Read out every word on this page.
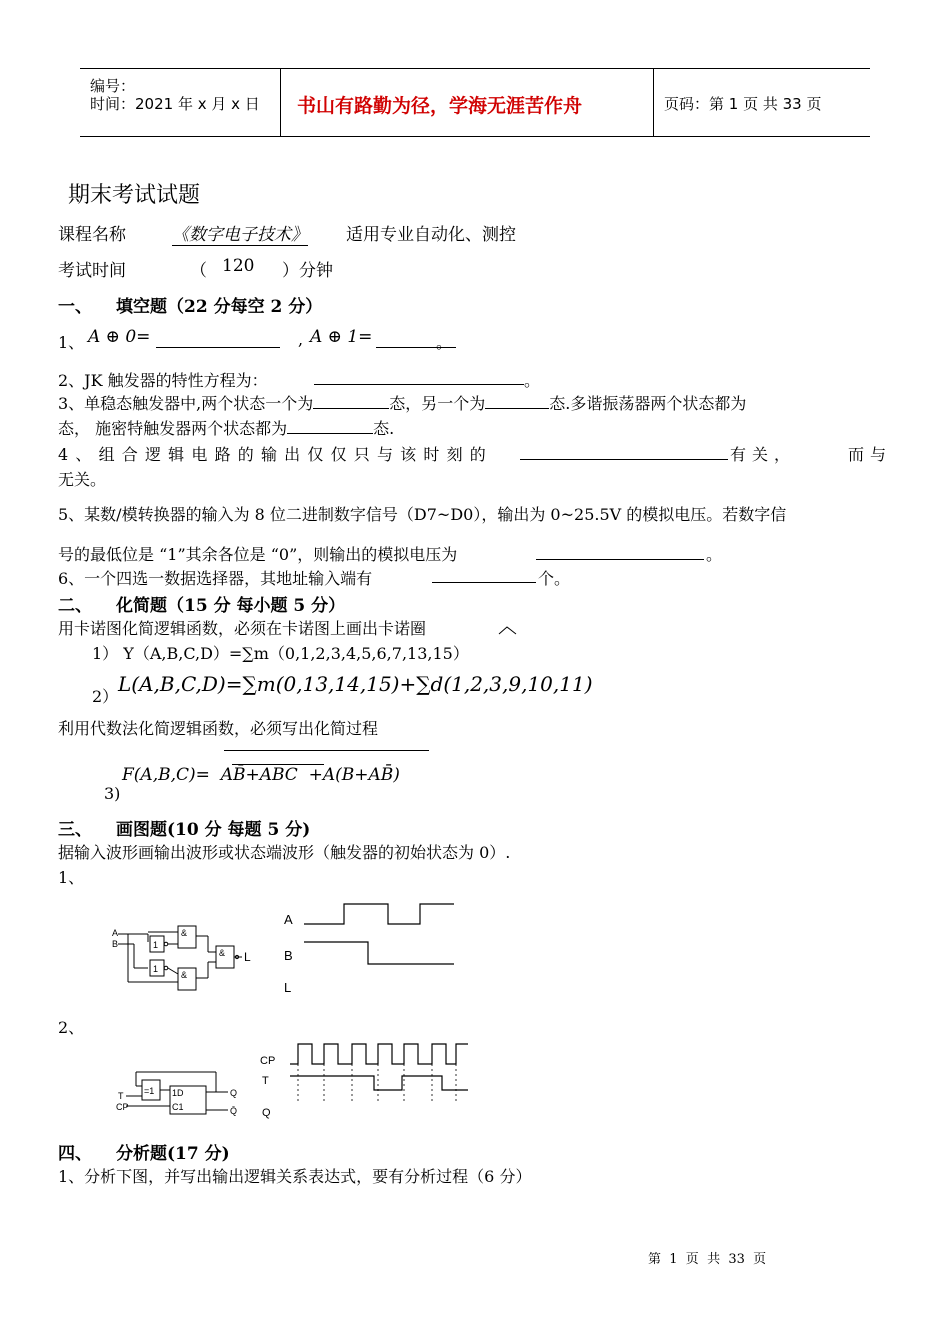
编号：
时间：2021 年 x 月 x 日 书山有路勤为径，学海无涯苦作舟	页码：第 1 页 共 33 页
期末考试试题
课程名称	《数字电子技术》 适用专业自动化、测控
考试时间	（ 120 ）分钟
一、 填空题（22 分每空 2 分）
1、 A ⊕ 0=	, A ⊕ 1=	。
2、JK 触发器的特性方程为：	。
3、单稳态触发器中,两个状态一个为	态，另一个为	态.多谐振荡器两个状态都为
态， 施密特触发器两个状态都为	态.
4、组合逻辑电路的输出仅仅只与该时刻的	有关，	而与
无关。
5、某数/模转换器的输入为 8 位二进制数字信号（D7~D0），输出为 0~25.5V 的模拟电压。若数字信
号的最低位是 “1”其余各位是 “0”，则输出的模拟电压为	。
6、一个四选一数据选择器，其地址输入端有	个。
二、 化简题（15 分 每小题 5 分）
用卡诺图化简逻辑函数，必须在卡诺图上画出卡诺圈
1） Y（A,B,C,D）=∑m（0,1,2,3,4,5,6,7,13,15）
2）
L(A,B,C,D)=∑m(0,13,14,15)+∑d(1,2,3,9,10,11)
利用代数法化简逻辑函数，必须写出化简过程
3)
F(A,B,C)=  AB̄+ABC  +A(B+AB̄)
三、 画图题(10 分 每题 5 分)
据输入波形画输出波形或状态端波形（触发器的初始状态为 0）.
1、
A
B	1
1
&
&
& L
A
B
L
2、
T
CP
=1 1D
C1
Q
Q̄
CP
T
Q
四、 分析题(17 分)
1、分析下图，并写出输出逻辑关系表达式，要有分析过程（6 分）
第  1  页  共  33  页
